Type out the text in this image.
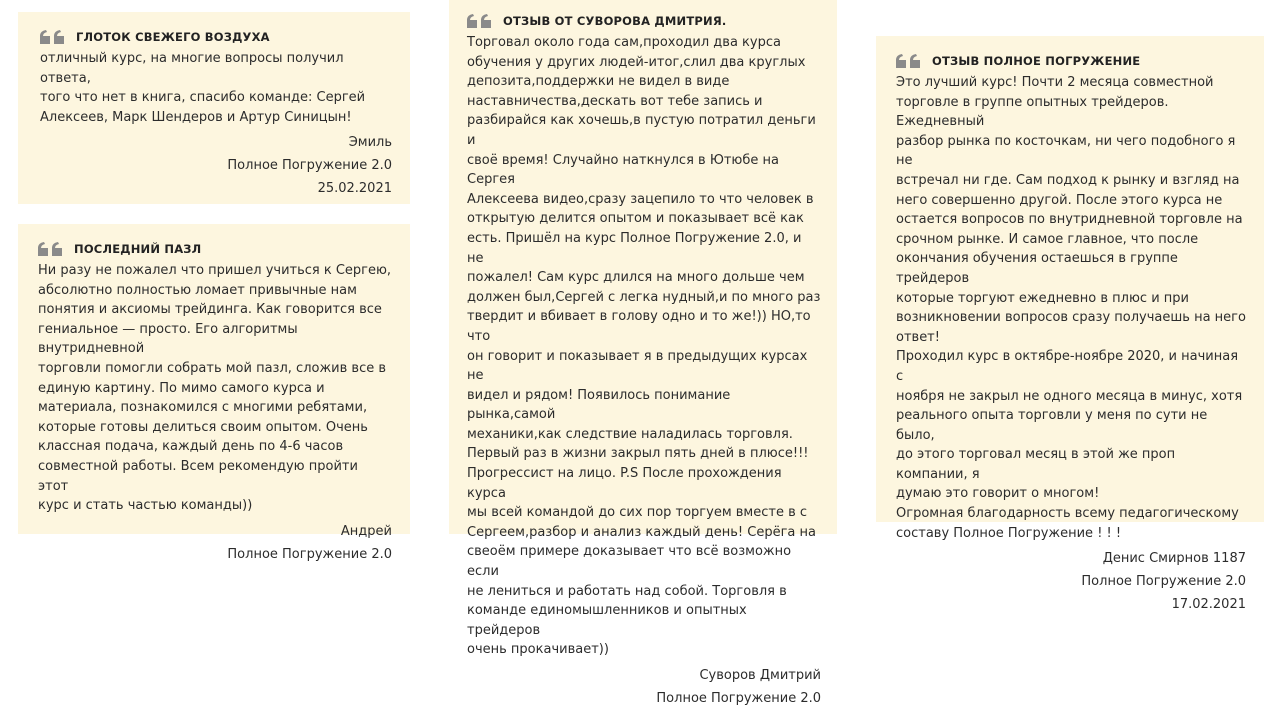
ГЛОТОК СВЕЖЕГО ВОЗДУХА
отличный курс, на многие вопросы получил ответа,
того что нет в книга, спасибо команде: Сергей
Алексеев, Марк Шендеров и Артур Синицын!
Эмиль
Полное Погружение 2.0
25.02.2021
ПОСЛЕДНИЙ ПАЗЛ
Ни разу не пожалел что пришел учиться к Сергею,
абсолютно полностью ломает привычные нам
понятия и аксиомы трейдинга. Как говорится все
гениальное — просто. Его алгоритмы внутридневной
торговли помогли собрать мой пазл, сложив все в
единую картину. По мимо самого курса и
материала, познакомился с многими ребятами,
которые готовы делиться своим опытом. Очень
классная подача, каждый день по 4-6 часов
совместной работы. Всем рекомендую пройти этот
курс и стать частью команды))
Андрей
Полное Погружение 2.0
ОТЗЫВ ОТ СУВОРОВА ДМИТРИЯ.
Торговал около года сам,проходил два курса
обучения у других людей-итог,слил два круглых
депозита,поддержки не видел в виде
наставничества,дескать вот тебе запись и
разбирайся как хочешь,в пустую потратил деньги и
своё время! Случайно наткнулся в Ютюбе на Сергея
Алексеева видео,сразу зацепило то что человек в
открытую делится опытом и показывает всё как
есть. Пришёл на курс Полное Погружение 2.0, и не
пожалел! Сам курс длился на много дольше чем
должен был,Сергей с легка нудный,и по много раз
твердит и вбивает в голову одно и то же!)) НО,то что
он говорит и показывает я в предыдущих курсах не
видел и рядом! Появилось понимание рынка,самой
механики,как следствие наладилась торговля.
Первый раз в жизни закрыл пять дней в плюсе!!!
Прогрессист на лицо. P.S После прохождения курса
мы всей командой до сих пор торгуем вместе в с
Сергеем,разбор и анализ каждый день! Серёга на
свеоём примере доказывает что всё возможно если
не лениться и работать над собой. Торговля в
команде единомышленников и опытных трейдеров
очень прокачивает))
Суворов Дмитрий
Полное Погружение 2.0
ОТЗЫВ ПОЛНОЕ ПОГРУЖЕНИЕ
Это лучший курс! Почти 2 месяца совместной
торговле в группе опытных трейдеров. Ежедневный
разбор рынка по косточкам, ни чего подобного я не
встречал ни где. Сам подход к рынку и взгляд на
него совершенно другой. После этого курса не
остается вопросов по внутридневной торговле на
срочном рынке. И самое главное, что после
окончания обучения остаешься в группе трейдеров
которые торгуют ежедневно в плюс и при
возникновении вопросов сразу получаешь на него
ответ!
Проходил курс в октябре-ноябре 2020, и начиная с
ноября не закрыл не одного месяца в минус, хотя
реального опыта торговли у меня по сути не было,
до этого торговал месяц в этой же проп компании, я
думаю это говорит о многом!
Огромная благодарность всему педагогическому
составу Полное Погружение ! ! !
Денис Смирнов 1187
Полное Погружение 2.0
17.02.2021
